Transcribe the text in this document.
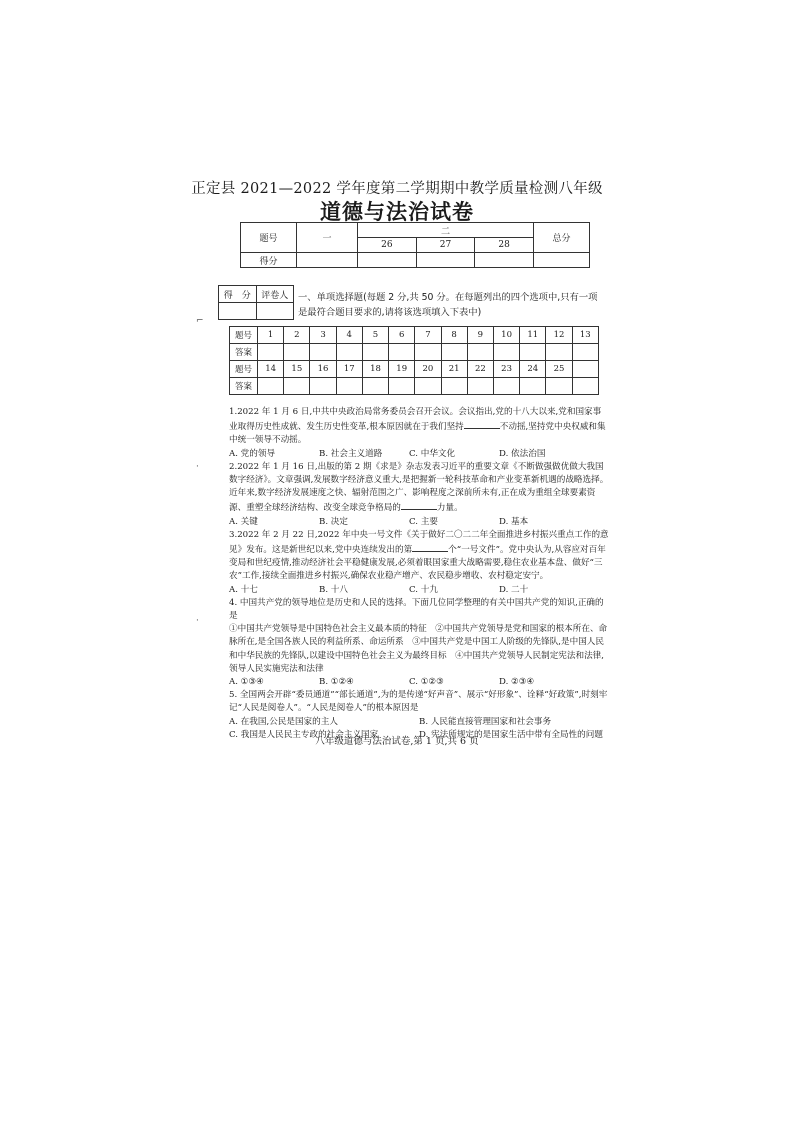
正定县 2021—2022 学年度第二学期期中教学质量检测八年级
道德与法治试卷
题号	一	二			总分
		26	27	28	
得分					
得　分	评卷人
	一、单项选择题(每题 2 分,共 50 分。在每题列出的四个选项中,只有一项是最符合题目要求的,请将该选项填入下表中)
题号	1	2	3	4	5	6	7	8	9	10	11	12	13
答案													
题号	14	15	16	17	18	19	20	21	22	23	24	25	
答案													
1.2022 年 1 月 6 日,中共中央政治局常务委员会召开会议。会议指出,党的十八大以来,党和国家事业取得历史性成就、发生历史性变革,根本原因就在于我们坚持	不动摇,坚持党中央权威和集中统一领导不动摇。
A. 党的领导	B. 社会主义道路	C. 中华文化	D. 依法治国
2.2022 年 1 月 16 日,出版的第 2 期《求是》杂志发表习近平的重要文章《不断做强做优做大我国数字经济》。文章强调,发展数字经济意义重大,是把握新一轮科技革命和产业变革新机遇的战略选择。近年来,数字经济发展速度之快、辐射范围之广、影响程度之深前所未有,正在成为重组全球要素资源、重塑全球经济结构、改变全球竞争格局的	力量。
A. 关键	B. 决定	C. 主要	D. 基本
3.2022 年 2 月 22 日,2022 年中央一号文件《关于做好二〇二二年全面推进乡村振兴重点工作的意见》发布。这是新世纪以来,党中央连续发出的第	个“一号文件”。党中央认为,从容应对百年变局和世纪疫情,推动经济社会平稳健康发展,必须着眼国家重大战略需要,稳住农业基本盘、做好“三农”工作,接续全面推进乡村振兴,确保农业稳产增产、农民稳步增收、农村稳定安宁。
A. 十七	B. 十八	C. 十九	D. 二十
4. 中国共产党的领导地位是历史和人民的选择。下面几位同学整理的有关中国共产党的知识,正确的是
①中国共产党领导是中国特色社会主义最本质的特征　②中国共产党领导是党和国家的根本所在、命脉所在,是全国各族人民的利益所系、命运所系　③中国共产党是中国工人阶级的先锋队,是中国人民和中华民族的先锋队,以建设中国特色社会主义为最终目标　④中国共产党领导人民制定宪法和法律,领导人民实施宪法和法律
A. ①③④	B. ①②④	C. ①②③	D. ②③④
5. 全国两会开辟“委员通道”“部长通道”,为的是传递“好声音”、展示“好形象”、诠释“好政策”,时刻牢记“人民是阅卷人”。“人民是阅卷人”的根本原因是
A. 在我国,公民是国家的主人	B. 人民能直接管理国家和社会事务
C. 我国是人民民主专政的社会主义国家	D. 宪法所规定的是国家生活中带有全局性的问题
八年级道德与法治试卷,第 1 页,共 6 页
⌐
·
·
